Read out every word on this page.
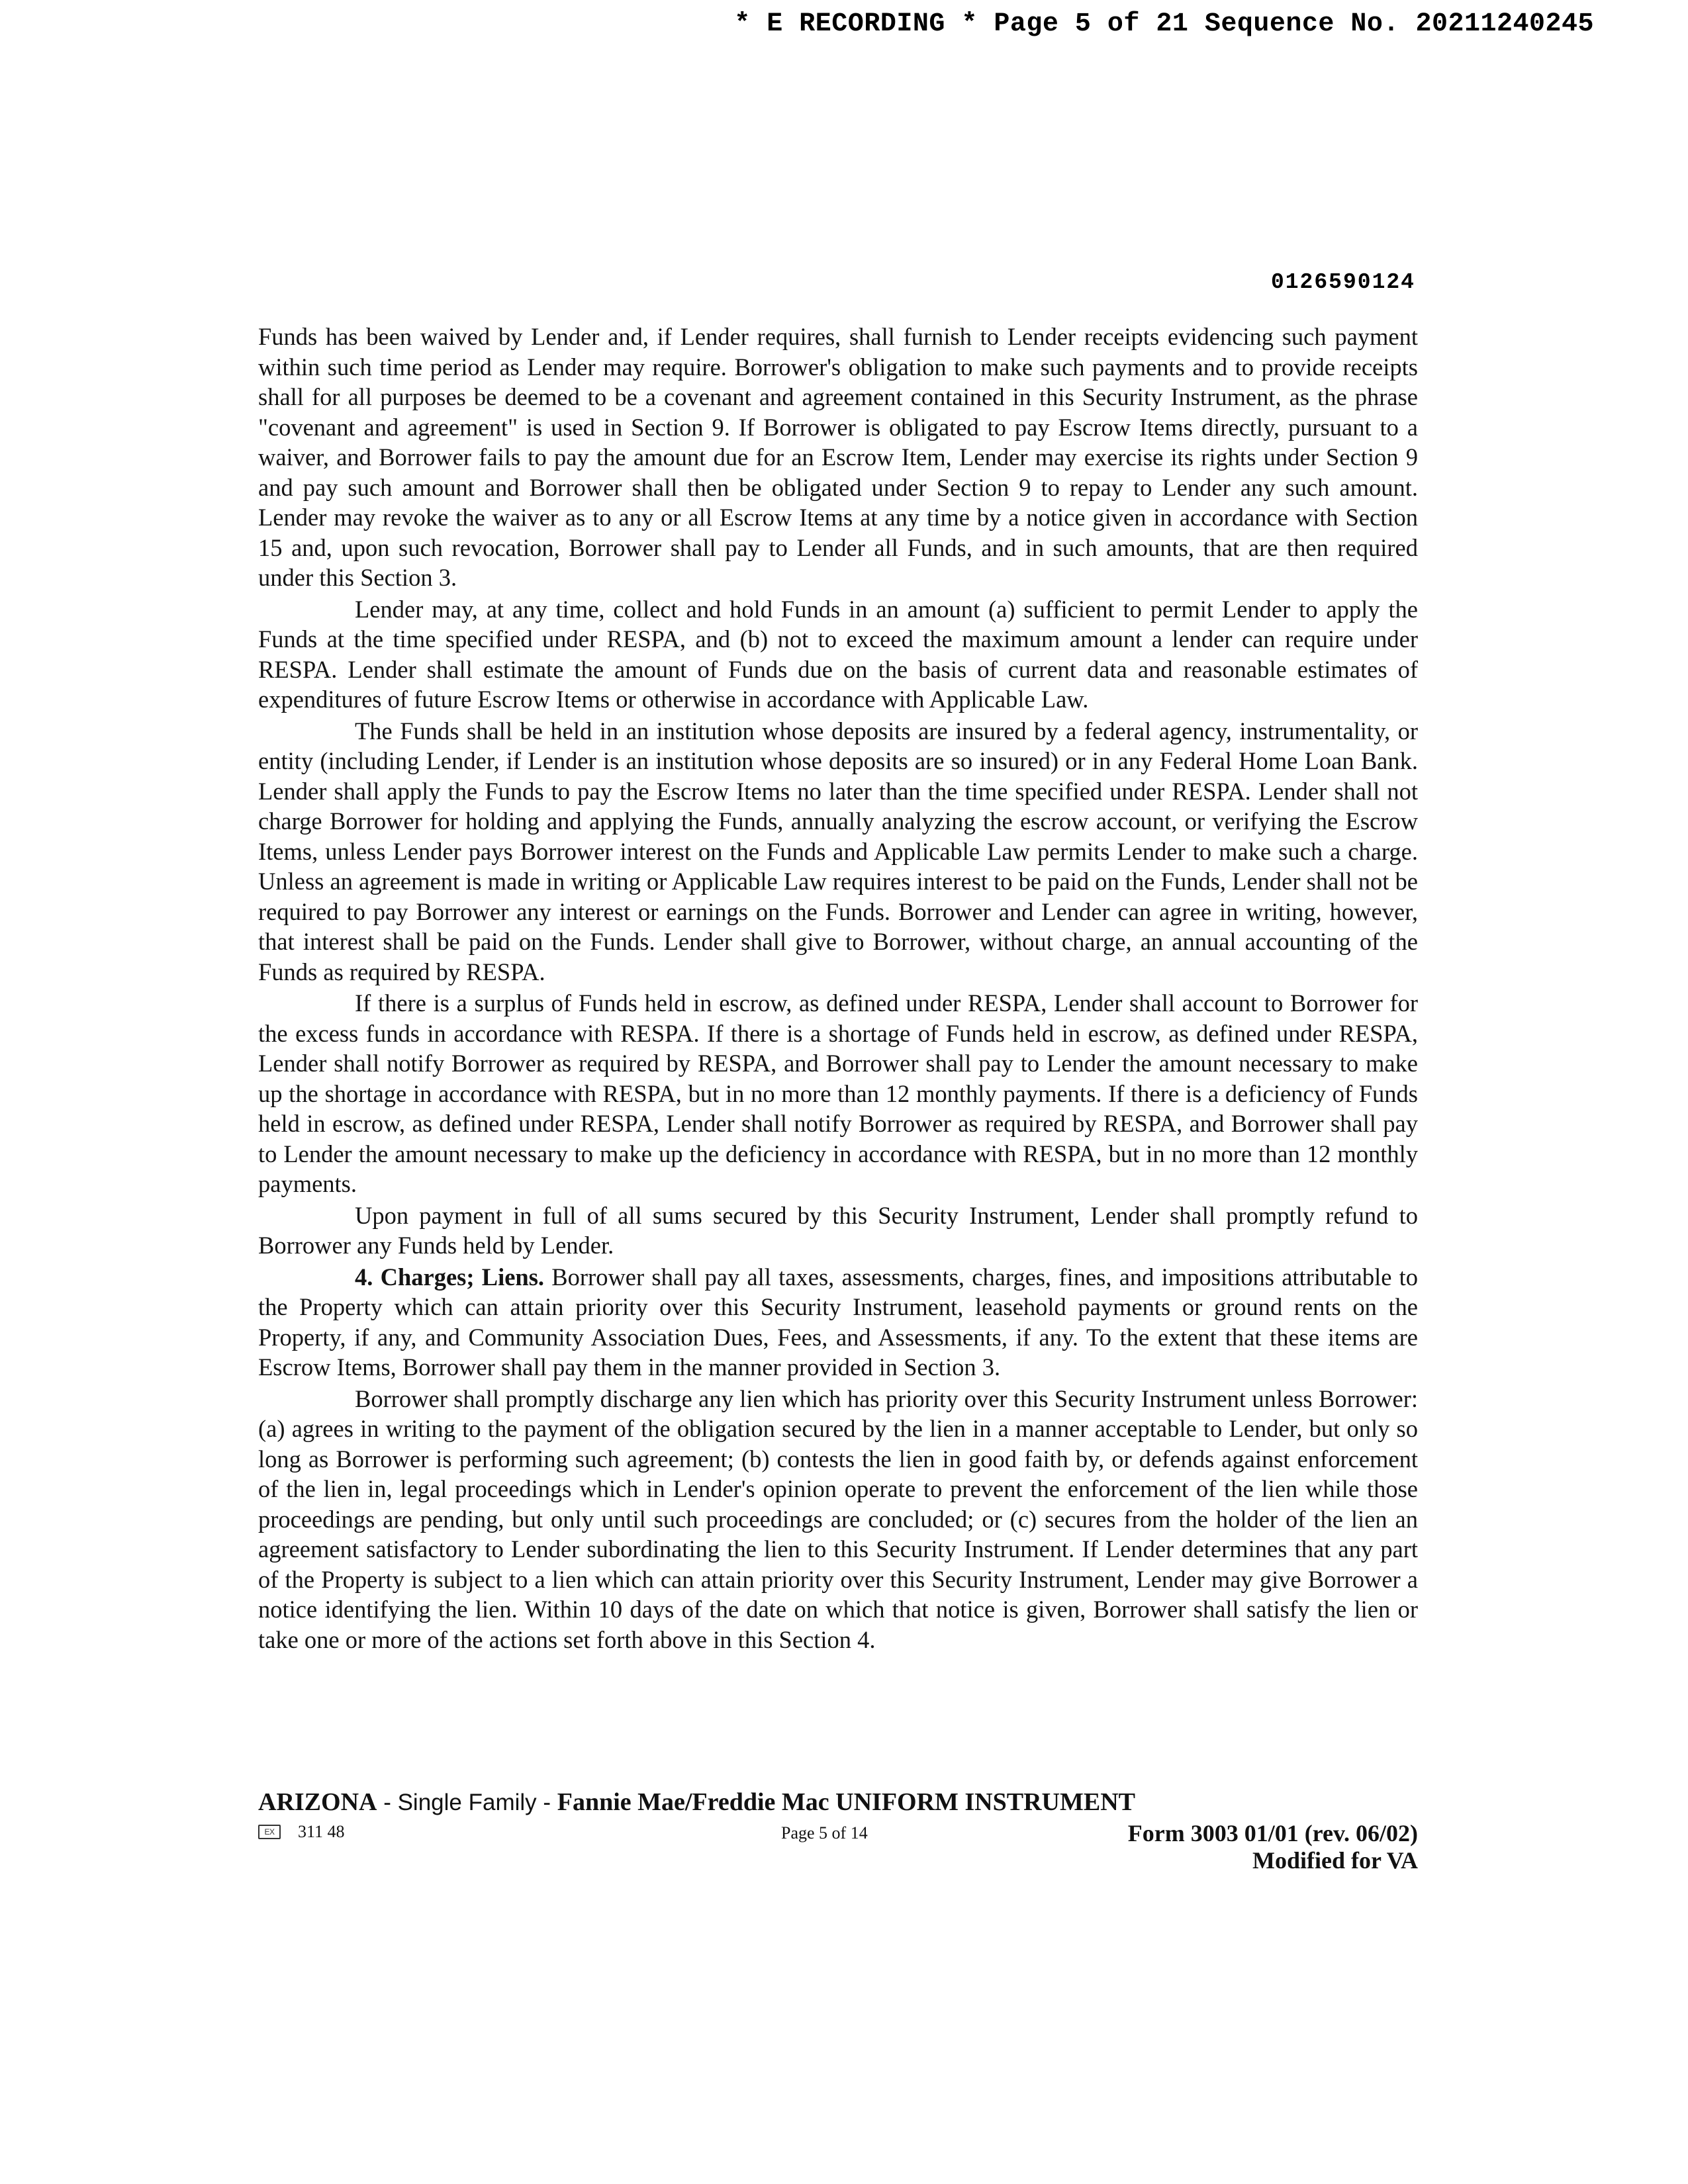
* E RECORDING * Page 5 of 21 Sequence No. 20211240245
0126590124

Funds has been waived by Lender and, if Lender requires, shall furnish to Lender receipts evidencing such payment within such time period as Lender may require. Borrower's obligation to make such payments and to provide receipts shall for all purposes be deemed to be a covenant and agreement contained in this Security Instrument, as the phrase "covenant and agreement" is used in Section 9. If Borrower is obligated to pay Escrow Items directly, pursuant to a waiver, and Borrower fails to pay the amount due for an Escrow Item, Lender may exercise its rights under Section 9 and pay such amount and Borrower shall then be obligated under Section 9 to repay to Lender any such amount. Lender may revoke the waiver as to any or all Escrow Items at any time by a notice given in accordance with Section 15 and, upon such revocation, Borrower shall pay to Lender all Funds, and in such amounts, that are then required under this Section 3.

Lender may, at any time, collect and hold Funds in an amount (a) sufficient to permit Lender to apply the Funds at the time specified under RESPA, and (b) not to exceed the maximum amount a lender can require under RESPA. Lender shall estimate the amount of Funds due on the basis of current data and reasonable estimates of expenditures of future Escrow Items or otherwise in accordance with Applicable Law.

The Funds shall be held in an institution whose deposits are insured by a federal agency, instrumentality, or entity (including Lender, if Lender is an institution whose deposits are so insured) or in any Federal Home Loan Bank. Lender shall apply the Funds to pay the Escrow Items no later than the time specified under RESPA. Lender shall not charge Borrower for holding and applying the Funds, annually analyzing the escrow account, or verifying the Escrow Items, unless Lender pays Borrower interest on the Funds and Applicable Law permits Lender to make such a charge. Unless an agreement is made in writing or Applicable Law requires interest to be paid on the Funds, Lender shall not be required to pay Borrower any interest or earnings on the Funds. Borrower and Lender can agree in writing, however, that interest shall be paid on the Funds. Lender shall give to Borrower, without charge, an annual accounting of the Funds as required by RESPA.

If there is a surplus of Funds held in escrow, as defined under RESPA, Lender shall account to Borrower for the excess funds in accordance with RESPA. If there is a shortage of Funds held in escrow, as defined under RESPA, Lender shall notify Borrower as required by RESPA, and Borrower shall pay to Lender the amount necessary to make up the shortage in accordance with RESPA, but in no more than 12 monthly payments. If there is a deficiency of Funds held in escrow, as defined under RESPA, Lender shall notify Borrower as required by RESPA, and Borrower shall pay to Lender the amount necessary to make up the deficiency in accordance with RESPA, but in no more than 12 monthly payments.

Upon payment in full of all sums secured by this Security Instrument, Lender shall promptly refund to Borrower any Funds held by Lender.

4. Charges; Liens. Borrower shall pay all taxes, assessments, charges, fines, and impositions attributable to the Property which can attain priority over this Security Instrument, leasehold payments or ground rents on the Property, if any, and Community Association Dues, Fees, and Assessments, if any. To the extent that these items are Escrow Items, Borrower shall pay them in the manner provided in Section 3.

Borrower shall promptly discharge any lien which has priority over this Security Instrument unless Borrower: (a) agrees in writing to the payment of the obligation secured by the lien in a manner acceptable to Lender, but only so long as Borrower is performing such agreement; (b) contests the lien in good faith by, or defends against enforcement of the lien in, legal proceedings which in Lender's opinion operate to prevent the enforcement of the lien while those proceedings are pending, but only until such proceedings are concluded; or (c) secures from the holder of the lien an agreement satisfactory to Lender subordinating the lien to this Security Instrument. If Lender determines that any part of the Property is subject to a lien which can attain priority over this Security Instrument, Lender may give Borrower a notice identifying the lien. Within 10 days of the date on which that notice is given, Borrower shall satisfy the lien or take one or more of the actions set forth above in this Section 4.

ARIZONA - Single Family - Fannie Mae/Freddie Mac UNIFORM INSTRUMENT
EX	311 48	Page 5 of 14	Form 3003 01/01 (rev. 06/02)
Modified for VA
